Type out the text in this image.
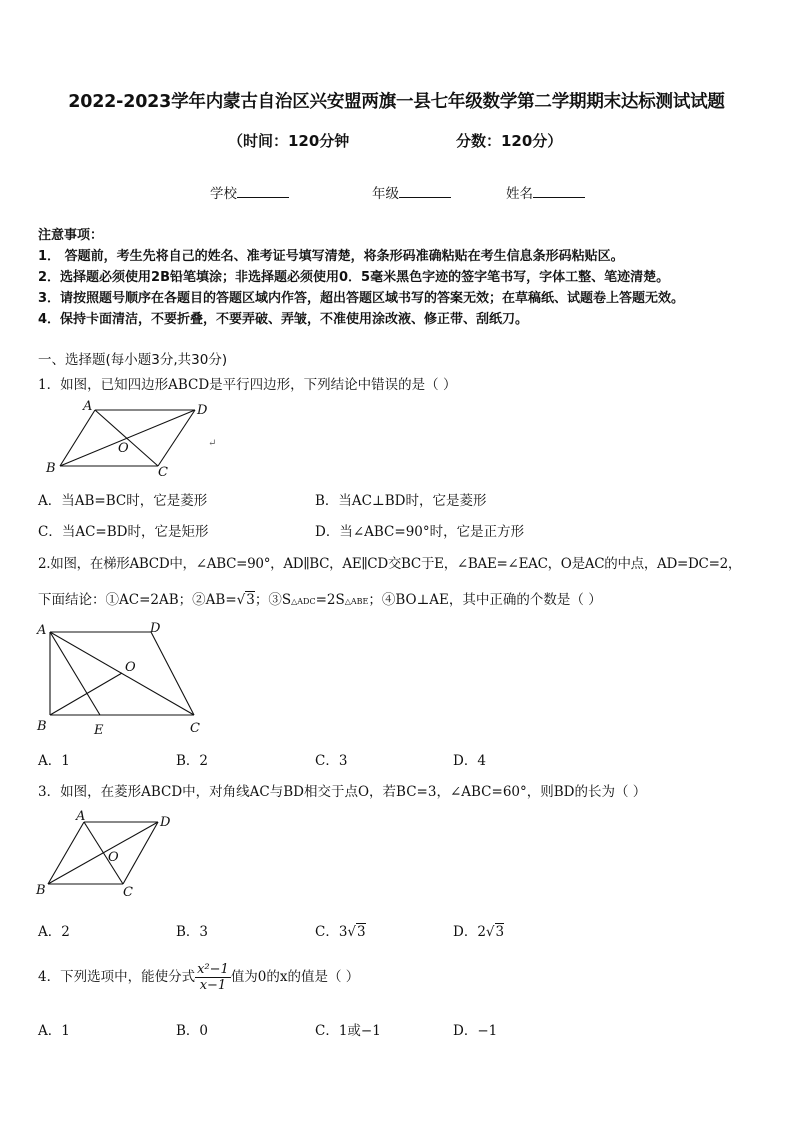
2022-2023学年内蒙古自治区兴安盟两旗一县七年级数学第二学期期末达标测试试题
（时间：120分钟	分数：120分）
学校	年级	姓名
注意事项：
1． 答题前，考生先将自己的姓名、准考证号填写清楚，将条形码准确粘贴在考生信息条形码粘贴区。
2．选择题必须使用2B铅笔填涂；非选择题必须使用0．5毫米黑色字迹的签字笔书写，字体工整、笔迹清楚。
3．请按照题号顺序在各题目的答题区域内作答，超出答题区域书写的答案无效；在草稿纸、试题卷上答题无效。
4．保持卡面清洁，不要折叠，不要弄破、弄皱，不准使用涂改液、修正带、刮纸刀。
一、选择题(每小题3分,共30分)
1．如图，已知四边形ABCD是平行四边形，下列结论中错误的是（ ）
A	D
B	C
O	↵
A．当AB=BC时，它是菱形	B．当AC⊥BD时，它是菱形
C．当AC=BD时，它是矩形	D．当∠ABC=90°时，它是正方形
2.如图，在梯形ABCD中，∠ABC=90°，AD∥BC，AE∥CD交BC于E，∠BAE=∠EAC，O是AC的中点，AD=DC=2，
下面结论：①AC=2AB；②AB=√3；③S△ADC=2S△ABE；④BO⊥AE，其中正确的个数是（ ）
A	D
B	E	C
O
A．1	B．2	C．3	D．4
3．如图，在菱形ABCD中，对角线AC与BD相交于点O，若BC=3，∠ABC=60°，则BD的长为（ ）
A	D
B	C
O
A．2	B．3	C．3√3	D．2√3
4．下列选项中，能使分式 $\frac{\text{x²−1}}{x-1}$ 值为0的x的值是（ ）
A．1	B．0	C．1或−1	D．−1
